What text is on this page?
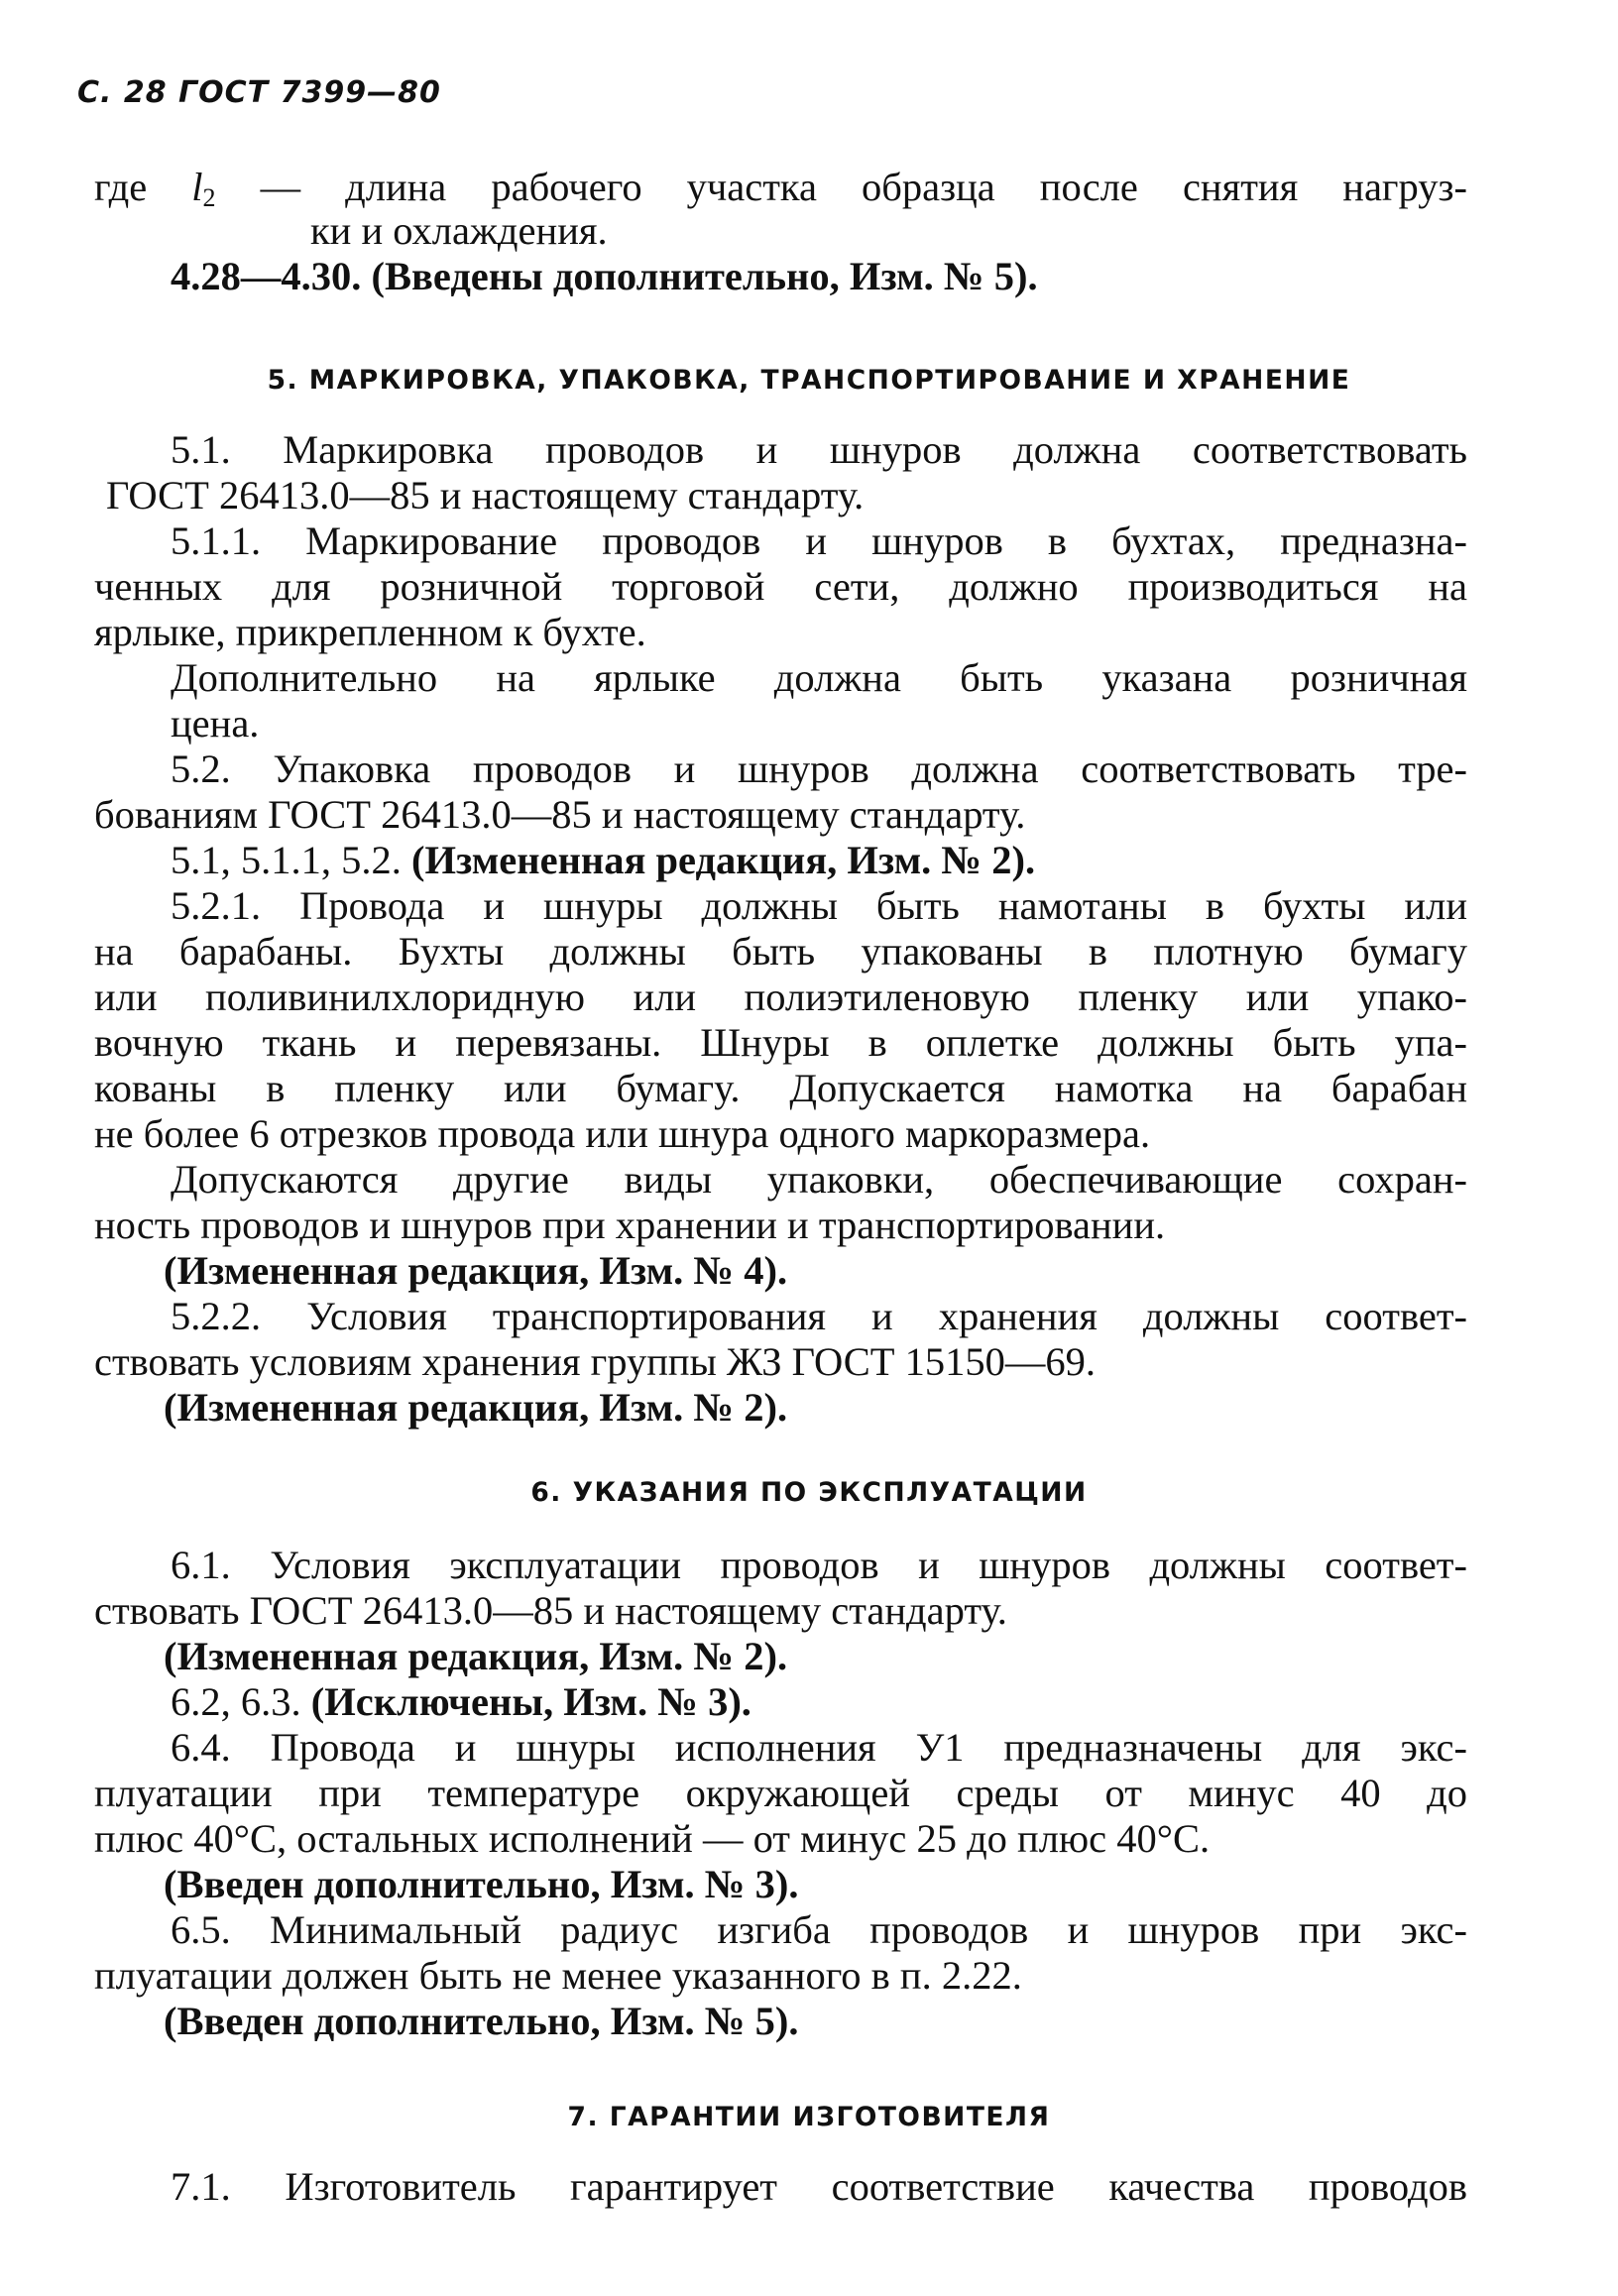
С. 28 ГОСТ 7399—80
где $l_2$ — длина рабочего участка образца после снятия нагруз-
ки и охлаждения.
4.28—4.30. (Введены дополнительно, Изм. № 5).
5. МАРКИРОВКА, УПАКОВКА, ТРАНСПОРТИРОВАНИЕ И ХРАНЕНИЕ
5.1. Маркировка проводов и шнуров должна соответствовать
ГОСТ 26413.0—85 и настоящему стандарту.
5.1.1. Маркирование проводов и шнуров в бухтах, предназна-
ченных для розничной торговой сети, должно производиться на
ярлыке, прикрепленном к бухте.
Дополнительно на ярлыке должна быть указана розничная
цена.
5.2. Упаковка проводов и шнуров должна соответствовать тре-
бованиям ГОСТ 26413.0—85 и настоящему стандарту.
5.1, 5.1.1, 5.2. (Измененная редакция, Изм. № 2).
5.2.1. Провода и шнуры должны быть намотаны в бухты или
на барабаны. Бухты должны быть упакованы в плотную бумагу
или поливинилхлоридную или полиэтиленовую пленку или упако-
вочную ткань и перевязаны. Шнуры в оплетке должны быть упа-
кованы в пленку или бумагу. Допускается намотка на барабан
не более 6 отрезков провода или шнура одного маркоразмера.
Допускаются другие виды упаковки, обеспечивающие сохран-
ность проводов и шнуров при хранении и транспортировании.
(Измененная редакция, Изм. № 4).
5.2.2. Условия транспортирования и хранения должны соответ-
ствовать условиям хранения группы ЖЗ ГОСТ 15150—69.
(Измененная редакция, Изм. № 2).
6. УКАЗАНИЯ ПО ЭКСПЛУАТАЦИИ
6.1. Условия эксплуатации проводов и шнуров должны соответ-
ствовать ГОСТ 26413.0—85 и настоящему стандарту.
(Измененная редакция, Изм. № 2).
6.2, 6.3. (Исключены, Изм. № 3).
6.4. Провода и шнуры исполнения У1 предназначены для экс-
плуатации при температуре окружающей среды от минус 40 до
плюс 40°С, остальных исполнений — от минус 25 до плюс 40°С.
(Введен дополнительно, Изм. № 3).
6.5. Минимальный радиус изгиба проводов и шнуров при экс-
плуатации должен быть не менее указанного в п. 2.22.
(Введен дополнительно, Изм. № 5).
7. ГАРАНТИИ ИЗГОТОВИТЕЛЯ
7.1. Изготовитель гарантирует соответствие качества проводов
